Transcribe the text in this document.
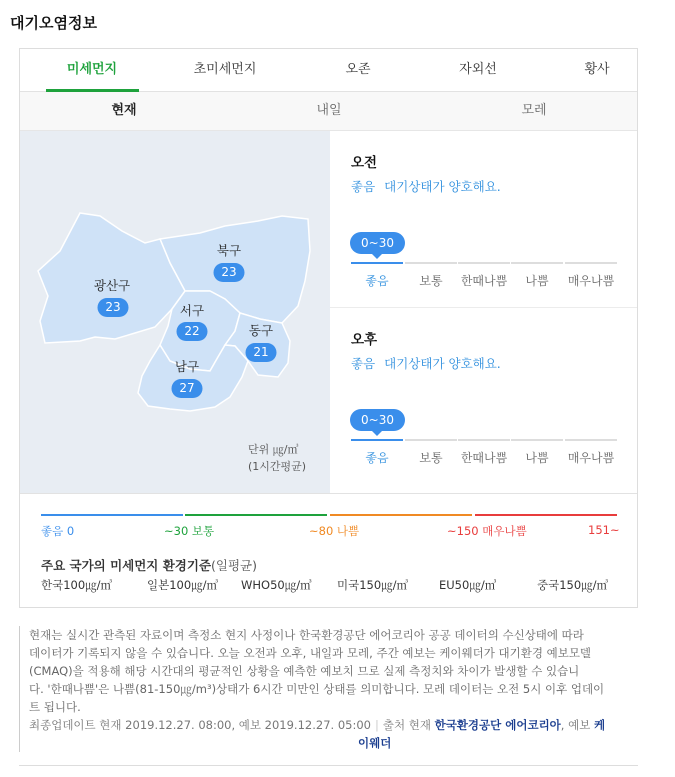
대기오염정보
미세먼지	초미세먼지	오존	자외선	황사
현재	내일	모레
북구
23
광산구
23	서구
22	동구
21
남구
27
단위 ㎍/㎥
(1시간평균)
오전
좋음 대기상태가 양호해요.
0~30
좋음	보통	한때나쁨	나쁨	매우나쁨
오후
좋음 대기상태가 양호해요.
0~30
좋음	보통	한때나쁨	나쁨	매우나쁨
좋음 0	~30 보통	~80 나쁨	~150 매우나쁨	151~
주요 국가의 미세먼지 환경기준(일평균)
한국100㎍/㎥	일본100㎍/㎥ WHO50㎍/㎥ 미국150㎍/㎥	EU50㎍/㎥	중국150㎍/㎥
현재는 실시간 관측된 자료이며 측정소 현지 사정이나 한국환경공단 에어코리아 공공 데이터의 수신상태에 따라
데이터가 기록되지 않을 수 있습니다. 오늘 오전과 오후, 내일과 모레, 주간 예보는 케이웨더가 대기환경 예보모델
(CMAQ)을 적용해 해당 시간대의 평균적인 상황을 예측한 예보치 므로 실제 측정치와 차이가 발생할 수 있습니
다. '한때나쁨'은 나쁨(81-150㎍/m³)상태가 6시간 미만인 상태를 의미합니다. 모레 데이터는 오전 5시 이후 업데이
트 됩니다.
최종업데이트 현재 2019.12.27. 08:00, 예보 2019.12.27. 05:00 | 출처 현재 한국환경공단 에어코리아, 예보 케
이웨더
